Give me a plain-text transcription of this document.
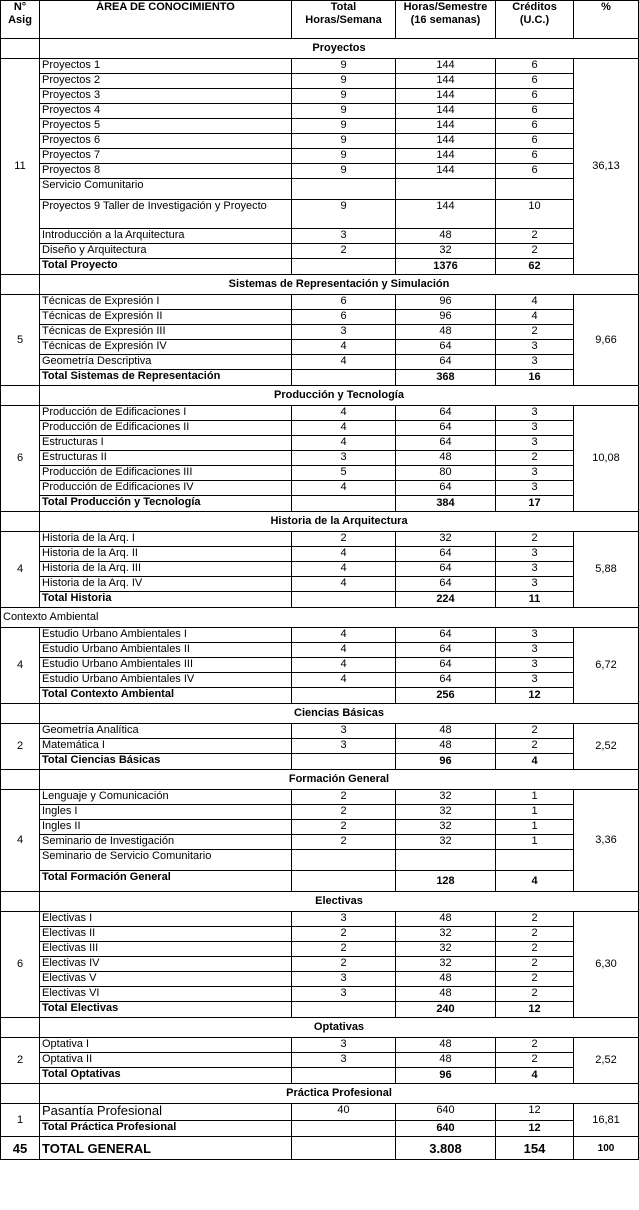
N° Asig	ÁREA DE CONOCIMIENTO	Total Horas/Semana	Horas/Semestre (16 semanas)	Créditos (U.C.)	%
	Proyectos				
11	Proyectos 1	9	144	6	36,13
	Proyectos 2	9	144	6	
	Proyectos 3	9	144	6	
	Proyectos 4	9	144	6	
	Proyectos 5	9	144	6	
	Proyectos 6	9	144	6	
	Proyectos 7	9	144	6	
	Proyectos 8	9	144	6	
	Servicio Comunitario				
	Proyectos 9 Taller de Investigación y Proyecto	9	144	10	
	Introducción a la Arquitectura	3	48	2	
	Diseño y Arquitectura	2	32	2	
	Total Proyecto		1376	62	
	Sistemas de Representación y Simulación				
5	Técnicas de Expresión I	6	96	4	9,66
	Técnicas de Expresión II	6	96	4	
	Técnicas de Expresión III	3	48	2	
	Técnicas de Expresión IV	4	64	3	
	Geometría Descriptiva	4	64	3	
	Total Sistemas de Representación		368	16	
	Producción y Tecnología				
6	Producción de Edificaciones I	4	64	3	10,08
	Producción de Edificaciones II	4	64	3	
	Estructuras I	4	64	3	
	Estructuras II	3	48	2	
	Producción de Edificaciones III	5	80	3	
	Producción de Edificaciones IV	4	64	3	
	Total Producción y Tecnología		384	17	
	Historia de la Arquitectura				
4	Historia de la Arq. I	2	32	2	5,88
	Historia de la Arq. II	4	64	3	
	Historia de la Arq. III	4	64	3	
	Historia de la Arq. IV	4	64	3	
	Total Historia		224	11	
Contexto Ambiental					
4	Estudio Urbano Ambientales I	4	64	3	6,72
	Estudio Urbano Ambientales II	4	64	3	
	Estudio Urbano Ambientales III	4	64	3	
	Estudio Urbano Ambientales IV	4	64	3	
	Total Contexto Ambiental		256	12	
	Ciencias Básicas				
2	Geometría Analítica	3	48	2	2,52
	Matemática I	3	48	2	
	Total Ciencias Básicas		96	4	
	Formación General				
4	Lenguaje y Comunicación	2	32	1	3,36
	Ingles I	2	32	1	
	Ingles II	2	32	1	
	Seminario de Investigación	2	32	1	
	Seminario de Servicio Comunitario				
	Total Formación General		128	4	
	Electivas				
6	Electivas I	3	48	2	6,30
	Electivas II	2	32	2	
	Electivas III	2	32	2	
	Electivas IV	2	32	2	
	Electivas V	3	48	2	
	Electivas VI	3	48	2	
	Total Electivas		240	12	
	Optativas				
2	Optativa I	3	48	2	2,52
	Optativa II	3	48	2	
	Total Optativas		96	4	
	Práctica Profesional				
1	Pasantía Profesional	40	640	12	16,81
	Total Práctica Profesional		640	12	
45	TOTAL GENERAL		3.808	154	100
